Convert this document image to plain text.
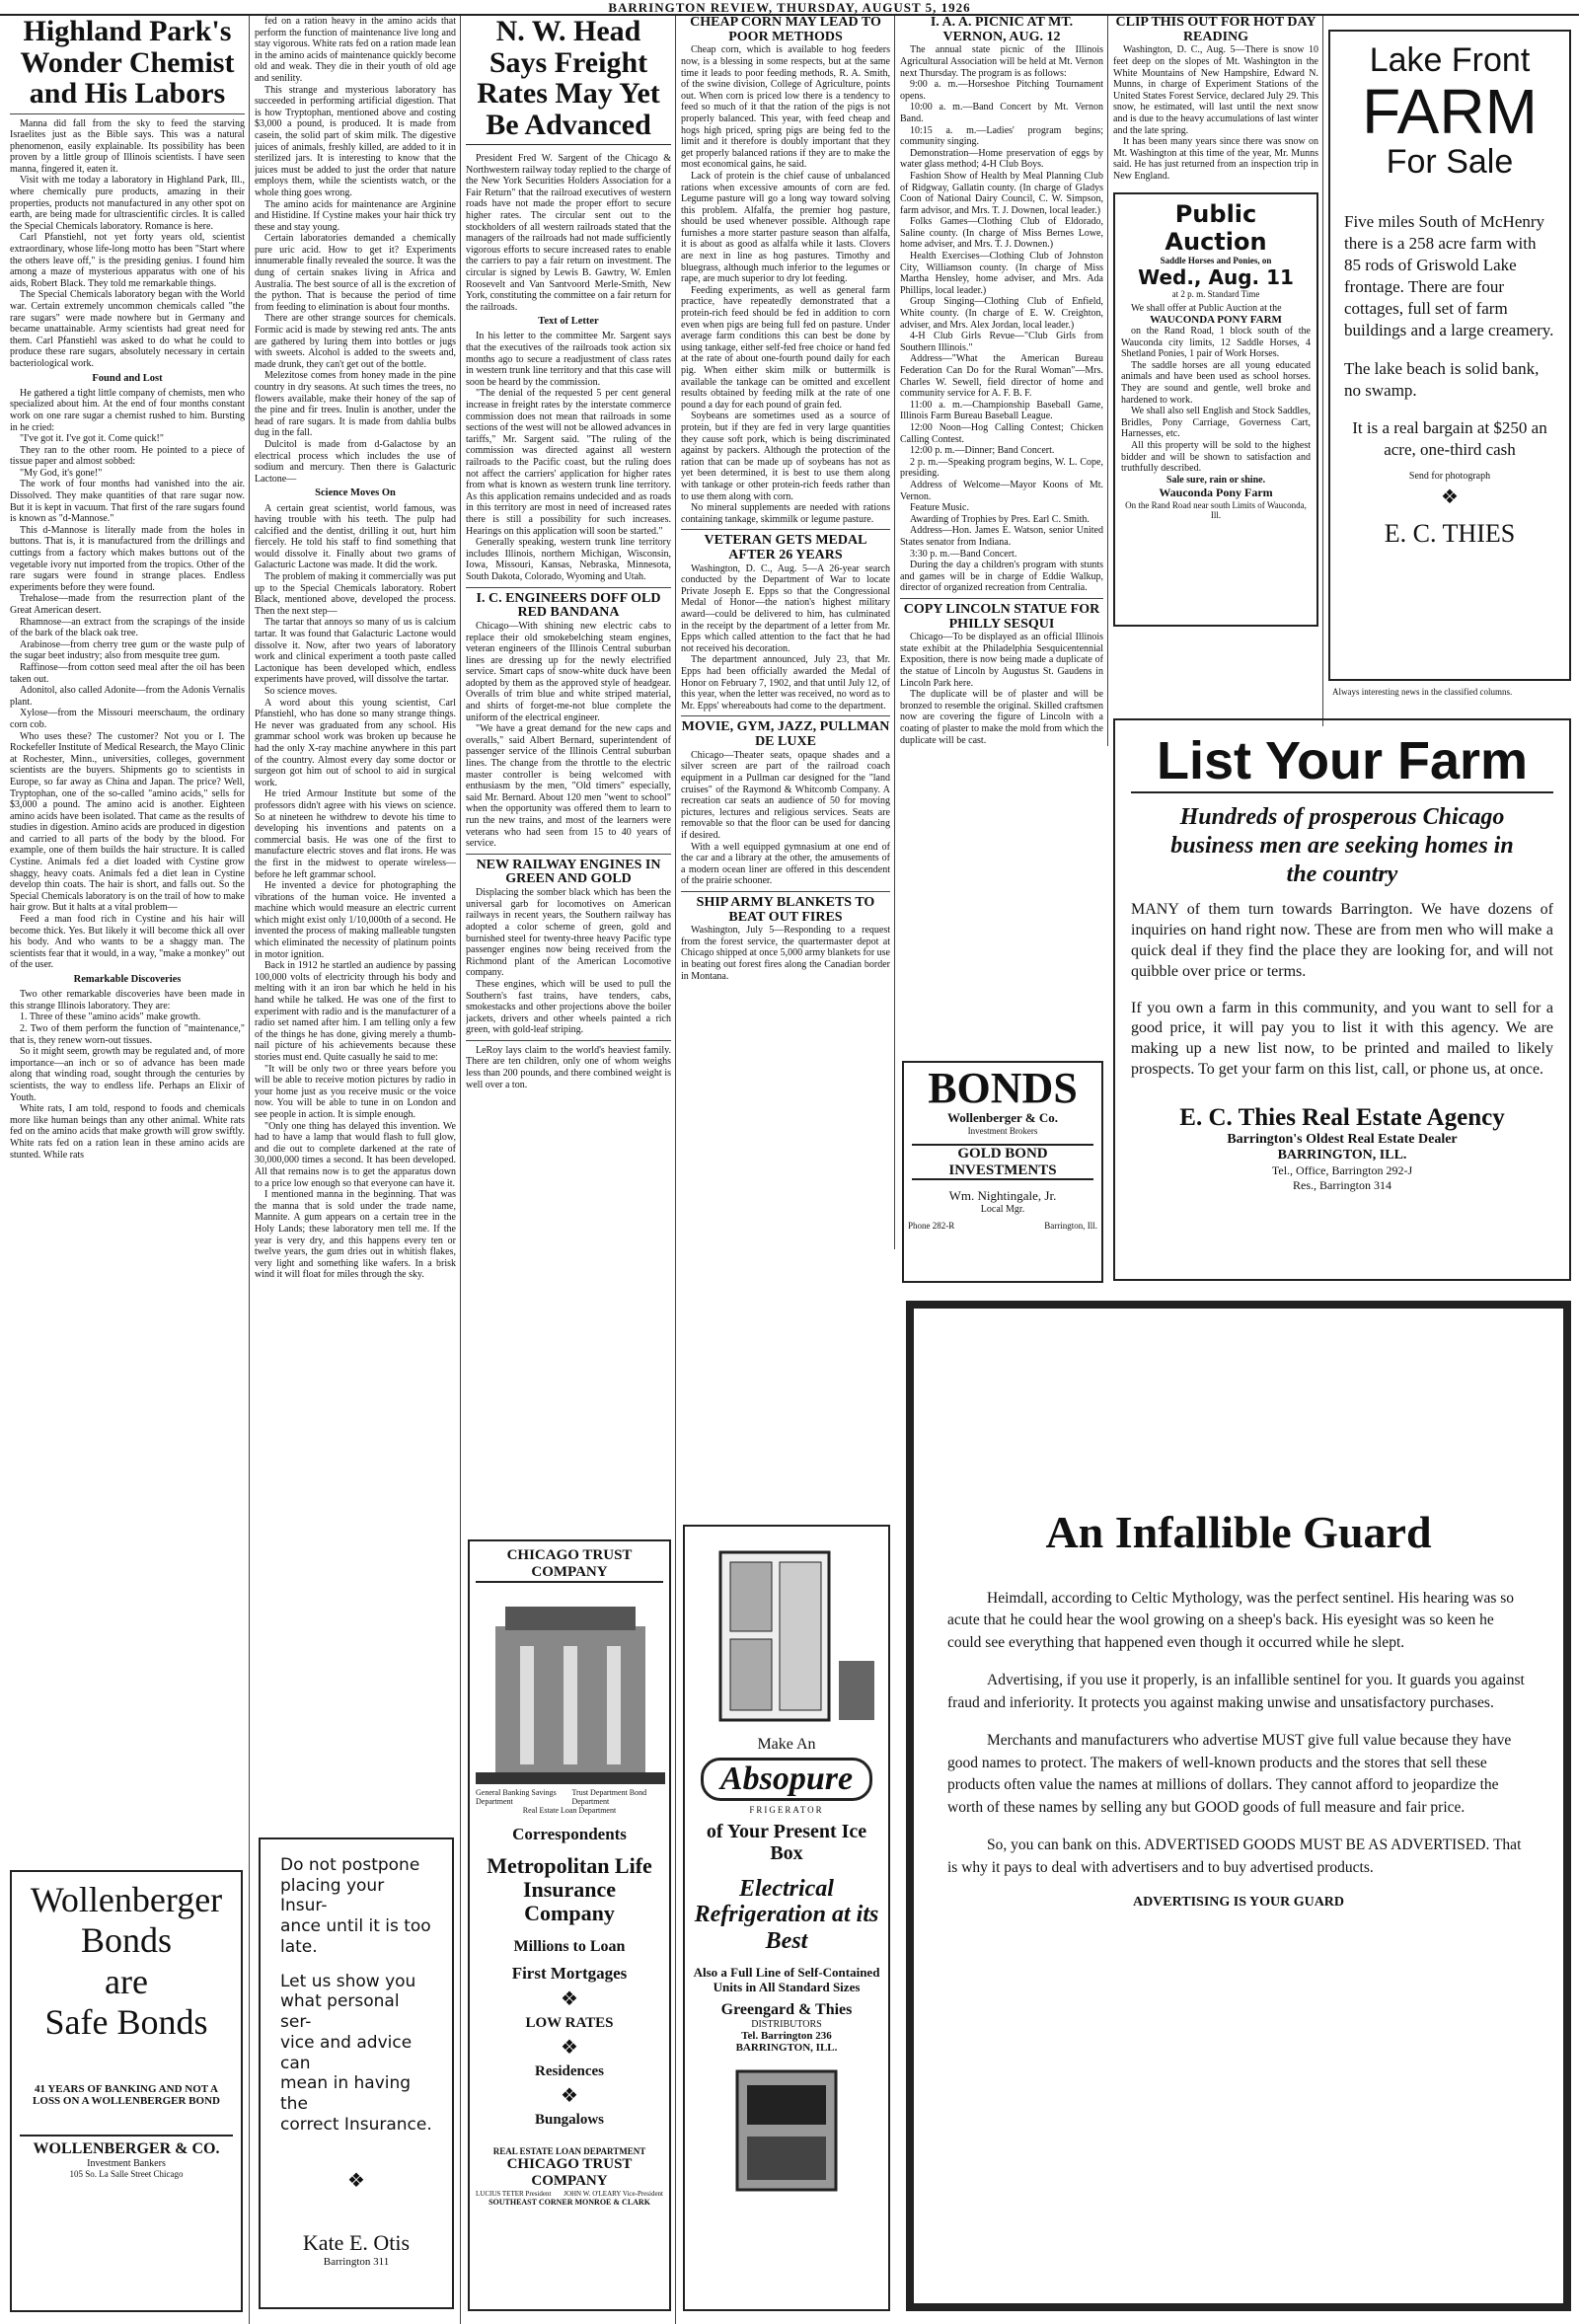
BARRINGTON REVIEW, THURSDAY, AUGUST 5, 1926
Highland Park's Wonder Chemist and His Labors

Manna did fall from the sky to feed the starving Israelites just as the Bible says. This was a natural phenomenon, easily explainable. Its possibility has been proven by a little group of Illinois scientists. I have seen manna, fingered it, eaten it.

Visit with me today a laboratory in Highland Park, Ill., where chemically pure products, amazing in their properties, products not manufactured in any other spot on earth, are being made for ultrascientific circles. It is called the Special Chemicals laboratory. Romance is here.

Carl Pfanstiehl, not yet forty years old, scientist extraordinary, whose life-long motto has been "Start where the others leave off," is the presiding genius. I found him among a maze of mysterious apparatus with one of his aids, Robert Black. They told me remarkable things.

The Special Chemicals laboratory began with the World war. Certain extremely uncommon chemicals called "the rare sugars" were made nowhere but in Germany and became unattainable. Army scientists had great need for them. Carl Pfanstiehl was asked to do what he could to produce these rare sugars, absolutely necessary in certain bacteriological work.

Found and Lost

He gathered a tight little company of chemists, men who specialized about him. At the end of four months constant work on one rare sugar a chemist rushed to him. Bursting in he cried:

"I've got it. I've got it. Come quick!"

They ran to the other room. He pointed to a piece of tissue paper and almost sobbed:

"My God, it's gone!"

The work of four months had vanished into the air. Dissolved. They make quantities of that rare sugar now. But it is kept in vacuum. That first of the rare sugars found is known as "d-Mannose."

This d-Mannose is literally made from the holes in buttons. That is, it is manufactured from the drillings and cuttings from a factory which makes buttons out of the vegetable ivory nut imported from the tropics. Other of the rare sugars were found in strange places. Endless experiments before they were found.

Trehalose—made from the resurrection plant of the Great American desert.

Rhamnose—an extract from the scrapings of the inside of the bark of the black oak tree.

Arabinose—from cherry tree gum or the waste pulp of the sugar beet industry; also from mesquite tree gum.

Raffinose—from cotton seed meal after the oil has been taken out.

Adonitol, also called Adonite—from the Adonis Vernalis plant.

Xylose—from the Missouri meerschaum, the ordinary corn cob.

Who uses these? The customer? Not you or I. The Rockefeller Institute of Medical Research, the Mayo Clinic at Rochester, Minn., universities, colleges, government scientists are the buyers. Shipments go to scientists in Europe, so far away as China and Japan. The price? Well, Tryptophan, one of the so-called "amino acids," sells for $3,000 a pound. The amino acid is another. Eighteen amino acids have been isolated. That came as the results of studies in digestion. Amino acids are produced in digestion and carried to all parts of the body by the blood. For example, one of them builds the hair structure. It is called Cystine. Animals fed a diet loaded with Cystine grow shaggy, heavy coats. Animals fed a diet lean in Cystine develop thin coats. The hair is short, and falls out. So the Special Chemicals laboratory is on the trail of how to make hair grow. But it halts at a vital problem—

Feed a man food rich in Cystine and his hair will become thick. Yes. But likely it will become thick all over his body. And who wants to be a shaggy man. The scientists fear that it would, in a way, "make a monkey" out of the user.

Remarkable Discoveries

Two other remarkable discoveries have been made in this strange Illinois laboratory. They are:

1. Three of these "amino acids" make growth.

2. Two of them perform the function of "maintenance," that is, they renew worn-out tissues.

So it might seem, growth may be regulated and, of more importance—an inch or so of advance has been made along that winding road, sought through the centuries by scientists, the way to endless life. Perhaps an Elixir of Youth.

White rats, I am told, respond to foods and chemicals more like human beings than any other animal. White rats fed on the amino acids that make growth will grow swiftly. White rats fed on a ration lean in these amino acids are stunted. While rats

Wollenberger
Bonds
are
Safe Bonds
41 YEARS OF BANKING AND NOT A LOSS ON A WOLLENBERGER BOND
WOLLENBERGER & CO.
Investment Bankers
105 So. La Salle Street Chicago

fed on a ration heavy in the amino acids that perform the function of maintenance live long and stay vigorous. White rats fed on a ration made lean in the amino acids of maintenance quickly become old and weak. They die in their youth of old age and senility.

This strange and mysterious laboratory has succeeded in performing artificial digestion. That is how Tryptophan, mentioned above and costing $3,000 a pound, is produced. It is made from casein, the solid part of skim milk. The digestive juices of animals, freshly killed, are added to it in sterilized jars. It is interesting to know that the juices must be added to just the order that nature employs them, while the scientists watch, or the whole thing goes wrong.

The amino acids for maintenance are Arginine and Histidine. If Cystine makes your hair thick try these and stay young.

Certain laboratories demanded a chemically pure uric acid. How to get it? Experiments innumerable finally revealed the source. It was the dung of certain snakes living in Africa and Australia. The best source of all is the excretion of the python. That is because the period of time from feeding to elimination is about four months.

There are other strange sources for chemicals. Formic acid is made by stewing red ants. The ants are gathered by luring them into bottles or jugs with sweets. Alcohol is added to the sweets and, made drunk, they can't get out of the bottle.

Melezitose comes from honey made in the pine country in dry seasons. At such times the trees, no flowers available, make their honey of the sap of the pine and fir trees. Inulin is another, under the head of rare sugars. It is made from dahlia bulbs dug in the fall.

Dulcitol is made from d-Galactose by an electrical process which includes the use of sodium and mercury. Then there is Galacturic Lactone—

Science Moves On

A certain great scientist, world famous, was having trouble with his teeth. The pulp had calcified and the dentist, drilling it out, hurt him fiercely. He told his staff to find something that would dissolve it. Finally about two grams of Galacturic Lactone was made. It did the work.

The problem of making it commercially was put up to the Special Chemicals laboratory. Robert Black, mentioned above, developed the process. Then the next step—

The tartar that annoys so many of us is calcium tartar. It was found that Galacturic Lactone would dissolve it. Now, after two years of laboratory work and clinical experiment a tooth paste called Lactonique has been developed which, endless experiments have proved, will dissolve the tartar.

So science moves.

A word about this young scientist, Carl Pfanstiehl, who has done so many strange things. He never was graduated from any school. His grammar school work was broken up because he had the only X-ray machine anywhere in this part of the country. Almost every day some doctor or surgeon got him out of school to aid in surgical work.

He tried Armour Institute but some of the professors didn't agree with his views on science. So at nineteen he withdrew to devote his time to developing his inventions and patents on a commercial basis. He was one of the first to manufacture electric stoves and flat irons. He was the first in the midwest to operate wireless—before he left grammar school.

He invented a device for photographing the vibrations of the human voice. He invented a machine which would measure an electric current which might exist only 1/10,000th of a second. He invented the process of making malleable tungsten which eliminated the necessity of platinum points in motor ignition.

Back in 1912 he startled an audience by passing 100,000 volts of electricity through his body and melting with it an iron bar which he held in his hand while he talked. He was one of the first to experiment with radio and is the manufacturer of a radio set named after him. I am telling only a few of the things he has done, giving merely a thumb-nail picture of his achievements because these stories must end. Quite casually he said to me:

"It will be only two or three years before you will be able to receive motion pictures by radio in your home just as you receive music or the voice now. You will be able to tune in on London and see people in action. It is simple enough.

"Only one thing has delayed this invention. We had to have a lamp that would flash to full glow, and die out to complete darkened at the rate of 30,000,000 times a second. It has been developed. All that remains now is to get the apparatus down to a price low enough so that everyone can have it.

I mentioned manna in the beginning. That was the manna that is sold under the trade name, Mannite. A gum appears on a certain tree in the Holy Lands; these laboratory men tell me. If the year is very dry, and this happens every ten or twelve years, the gum dries out in whitish flakes, very light and something like wafers. In a brisk wind it will float for miles through the sky.

Do not postpone
placing your Insur-
ance until it is too
late.
Let us show you
what personal ser-
vice and advice can
mean in having the
correct Insurance.
❖
Kate E. Otis
Barrington 311
N. W. Head Says Freight Rates May Yet Be Advanced

President Fred W. Sargent of the Chicago & Northwestern railway today replied to the charge of the New York Securities Holders Association for a Fair Return" that the railroad executives of western roads have not made the proper effort to secure higher rates. The circular sent out to the stockholders of all western railroads stated that the managers of the railroads had not made sufficiently vigorous efforts to secure increased rates to enable the carriers to pay a fair return on investment. The circular is signed by Lewis B. Gawtry, W. Emlen Roosevelt and Van Santvoord Merle-Smith, New York, constituting the committee on a fair return for the railroads.

Text of Letter

In his letter to the committee Mr. Sargent says that the executives of the railroads took action six months ago to secure a readjustment of class rates in western trunk line territory and that this case will soon be heard by the commission.

"The denial of the requested 5 per cent general increase in freight rates by the interstate commerce commission does not mean that railroads in some sections of the west will not be allowed advances in tariffs," Mr. Sargent said. "The ruling of the commission was directed against all western railroads to the Pacific coast, but the ruling does not affect the carriers' application for higher rates from what is known as western trunk line territory. As this application remains undecided and as roads in this territory are most in need of increased rates there is still a possibility for such increases. Hearings on this application will soon be started."

Generally speaking, western trunk line territory includes Illinois, northern Michigan, Wisconsin, Iowa, Missouri, Kansas, Nebraska, Minnesota, South Dakota, Colorado, Wyoming and Utah.

I. C. ENGINEERS DOFF OLD RED BANDANA

Chicago—With shining new electric cabs to replace their old smokebelching steam engines, veteran engineers of the Illinois Central suburban lines are dressing up for the newly electrified service. Smart caps of snow-white duck have been adopted by them as the approved style of headgear. Overalls of trim blue and white striped material, and shirts of forget-me-not blue complete the uniform of the electrical engineer.

"We have a great demand for the new caps and overalls," said Albert Bernard, superintendent of passenger service of the Illinois Central suburban lines. The change from the throttle to the electric master controller is being welcomed with enthusiasm by the men, "Old timers" especially, said Mr. Bernard. About 120 men "went to school" when the opportunity was offered them to learn to run the new trains, and most of the learners were veterans who had seen from 15 to 40 years of service.

NEW RAILWAY ENGINES IN GREEN AND GOLD

Displacing the somber black which has been the universal garb for locomotives on American railways in recent years, the Southern railway has adopted a color scheme of green, gold and burnished steel for twenty-three heavy Pacific type passenger engines now being received from the Richmond plant of the American Locomotive company.

These engines, which will be used to pull the Southern's fast trains, have tenders, cabs, smokestacks and other projections above the boiler jackets, drivers and other wheels painted a rich green, with gold-leaf striping.

LeRoy lays claim to the world's heaviest family. There are ten children, only one of whom weighs less than 200 pounds, and there combined weight is well over a ton.

CHICAGO TRUST COMPANY
General Banking Savings Department
Trust Department Bond Department
Real Estate Loan Department
Correspondents
Metropolitan Life Insurance Company
Millions to Loan
First Mortgages
❖
LOW RATES
❖
Residences
❖
Bungalows
REAL ESTATE LOAN DEPARTMENT
CHICAGO TRUST COMPANY
LUCIUS TETER President JOHN W. O'LEARY Vice-President
SOUTHEAST CORNER MONROE & CLARK
CHEAP CORN MAY LEAD TO POOR METHODS

Cheap corn, which is available to hog feeders now, is a blessing in some respects, but at the same time it leads to poor feeding methods, R. A. Smith, of the swine division, College of Agriculture, points out. When corn is priced low there is a tendency to feed so much of it that the ration of the pigs is not properly balanced. This year, with feed cheap and hogs high priced, spring pigs are being fed to the limit and it therefore is doubly important that they get properly balanced rations if they are to make the most economical gains, he said.

Lack of protein is the chief cause of unbalanced rations when excessive amounts of corn are fed. Legume pasture will go a long way toward solving this problem. Alfalfa, the premier hog pasture, should be used whenever possible. Although rape furnishes a more starter pasture season than alfalfa, it is about as good as alfalfa while it lasts. Clovers are next in line as hog pastures. Timothy and bluegrass, although much inferior to the legumes or rape, are much superior to dry lot feeding.

Feeding experiments, as well as general farm practice, have repeatedly demonstrated that a protein-rich feed should be fed in addition to corn even when pigs are being full fed on pasture. Under average farm conditions this can best be done by using tankage, either self-fed free choice or hand fed at the rate of about one-fourth pound daily for each pig. When either skim milk or buttermilk is available the tankage can be omitted and excellent results obtained by feeding milk at the rate of one pound a day for each pound of grain fed.

Soybeans are sometimes used as a source of protein, but if they are fed in very large quantities they cause soft pork, which is being discriminated against by packers. Although the protection of the ration that can be made up of soybeans has not as yet been determined, it is best to use them along with tankage or other protein-rich feeds rather than to use them along with corn.

No mineral supplements are needed with rations containing tankage, skimmilk or legume pasture.

VETERAN GETS MEDAL AFTER 26 YEARS

Washington, D. C., Aug. 5—A 26-year search conducted by the Department of War to locate Private Joseph E. Epps so that the Congressional Medal of Honor—the nation's highest military award—could be delivered to him, has culminated in the receipt by the department of a letter from Mr. Epps which called attention to the fact that he had not received his decoration.

The department announced, July 23, that Mr. Epps had been officially awarded the Medal of Honor on February 7, 1902, and that until July 12, of this year, when the letter was received, no word as to Mr. Epps' whereabouts had come to the department.

MOVIE, GYM, JAZZ, PULLMAN DE LUXE

Chicago—Theater seats, opaque shades and a silver screen are part of the railroad coach equipment in a Pullman car designed for the "land cruises" of the Raymond & Whitcomb Company. A recreation car seats an audience of 50 for moving pictures, lectures and religious services. Seats are removable so that the floor can be used for dancing if desired.

With a well equipped gymnasium at one end of the car and a library at the other, the amusements of a modern ocean liner are offered in this descendent of the prairie schooner.

SHIP ARMY BLANKETS TO BEAT OUT FIRES

Washington, July 5—Responding to a request from the forest service, the quartermaster depot at Chicago shipped at once 5,000 army blankets for use in beating out forest fires along the Canadian border in Montana.

Make An
Absopure
FRIGERATOR
of Your Present Ice Box
Electrical Refrigeration at its Best
Also a Full Line of Self-Contained Units in All Standard Sizes
Greengard & Thies
DISTRIBUTORS
Tel. Barrington 236
BARRINGTON, ILL.
I. A. A. PICNIC AT MT. VERNON, AUG. 12

The annual state picnic of the Illinois Agricultural Association will be held at Mt. Vernon next Thursday. The program is as follows:

9:00 a. m.—Horseshoe Pitching Tournament opens.

10:00 a. m.—Band Concert by Mt. Vernon Band.

10:15 a. m.—Ladies' program begins; community singing.

Demonstration—Home preservation of eggs by water glass method; 4-H Club Boys.

Fashion Show of Health by Meal Planning Club of Ridgway, Gallatin county. (In charge of Gladys Coon of National Dairy Council, C. W. Simpson, farm advisor, and Mrs. T. J. Downen, local leader.)

Folks Games—Clothing Club of Eldorado, Saline county. (In charge of Miss Bernes Lowe, home adviser, and Mrs. T. J. Downen.)

Health Exercises—Clothing Club of Johnston City, Williamson county. (In charge of Miss Martha Hensley, home adviser, and Mrs. Ada Phillips, local leader.)

Group Singing—Clothing Club of Enfield, White county. (In charge of E. W. Creighton, adviser, and Mrs. Alex Jordan, local leader.)

4-H Club Girls Revue—"Club Girls from Southern Illinois."

Address—"What the American Bureau Federation Can Do for the Rural Woman"—Mrs. Charles W. Sewell, field director of home and community service for A. F. B. F.

11:00 a. m.—Championship Baseball Game, Illinois Farm Bureau Baseball League.

12:00 Noon—Hog Calling Contest; Chicken Calling Contest.

12:00 p. m.—Dinner; Band Concert.

2 p. m.—Speaking program begins, W. L. Cope, presiding.

Address of Welcome—Mayor Koons of Mt. Vernon.

Feature Music.

Awarding of Trophies by Pres. Earl C. Smith.

Address—Hon. James E. Watson, senior United States senator from Indiana.

3:30 p. m.—Band Concert.

During the day a children's program with stunts and games will be in charge of Eddie Walkup, director of organized recreation from Centralia.

COPY LINCOLN STATUE FOR PHILLY SESQUI

Chicago—To be displayed as an official Illinois state exhibit at the Philadelphia Sesquicentennial Exposition, there is now being made a duplicate of the statue of Lincoln by Augustus St. Gaudens in Lincoln Park here.

The duplicate will be of plaster and will be bronzed to resemble the original. Skilled craftsmen now are covering the figure of Lincoln with a coating of plaster to make the mold from which the duplicate will be cast.

BONDS
Wollenberger & Co.
Investment Brokers
GOLD BOND INVESTMENTS
Wm. Nightingale, Jr.
Local Mgr.
Phone 282-R	Barrington, Ill.
CLIP THIS OUT FOR HOT DAY READING

Washington, D. C., Aug. 5—There is snow 10 feet deep on the slopes of Mt. Washington in the White Mountains of New Hampshire, Edward N. Munns, in charge of Experiment Stations of the United States Forest Service, declared July 29. This snow, he estimated, will last until the next snow and is due to the heavy accumulations of last winter and the late spring.

It has been many years since there was snow on Mt. Washington at this time of the year, Mr. Munns said. He has just returned from an inspection trip in New England.

Public Auction
Saddle Horses and Ponies, on
Wed., Aug. 11
at 2 p. m. Standard Time

We shall offer at Public Auction at the

WAUCONDA PONY FARM

on the Rand Road, 1 block south of the Wauconda city limits, 12 Saddle Horses, 4 Shetland Ponies, 1 pair of Work Horses.

The saddle horses are all young educated animals and have been used as school horses. They are sound and gentle, well broke and hardened to work.

We shall also sell English and Stock Saddles, Bridles, Pony Carriage, Governess Cart, Harnesses, etc.

All this property will be sold to the highest bidder and will be shown to satisfaction and truthfully described.

Sale sure, rain or shine.
Wauconda Pony Farm
On the Rand Road near south Limits of Wauconda, Ill.
Lake Front
FARM
For Sale
Five miles South of McHenry there is a 258 acre farm with 85 rods of Griswold Lake frontage. There are four cottages, full set of farm buildings and a large creamery.
The lake beach is solid bank, no swamp.
It is a real bargain at $250 an acre, one-third cash
Send for photograph
❖
E. C. THIES
Always interesting news in the classified columns.
List Your Farm
Hundreds of prosperous Chicago business men are seeking homes in the country
MANY of them turn towards Barrington. We have dozens of inquiries on hand right now. These are from men who will make a quick deal if they find the place they are looking for, and will not quibble over price or terms.
If you own a farm in this community, and you want to sell for a good price, it will pay you to list it with this agency. We are making up a new list now, to be printed and mailed to likely prospects. To get your farm on this list, call, or phone us, at once.
E. C. Thies Real Estate Agency
Barrington's Oldest Real Estate Dealer
BARRINGTON, ILL.
Tel., Office, Barrington 292-J
Res., Barrington 314
An Infallible Guard
Heimdall, according to Celtic Mythology, was the perfect sentinel. His hearing was so acute that he could hear the wool growing on a sheep's back. His eyesight was so keen he could see everything that happened even though it occurred while he slept.
Advertising, if you use it properly, is an infallible sentinel for you. It guards you against fraud and inferiority. It protects you against making unwise and unsatisfactory purchases.
Merchants and manufacturers who advertise MUST give full value because they have good names to protect. The makers of well-known products and the stores that sell these products often value the names at millions of dollars. They cannot afford to jeopardize the worth of these names by selling any but GOOD goods of full measure and fair price.
So, you can bank on this. ADVERTISED GOODS MUST BE AS ADVERTISED. That is why it pays to deal with advertisers and to buy advertised products.
ADVERTISING IS YOUR GUARD
